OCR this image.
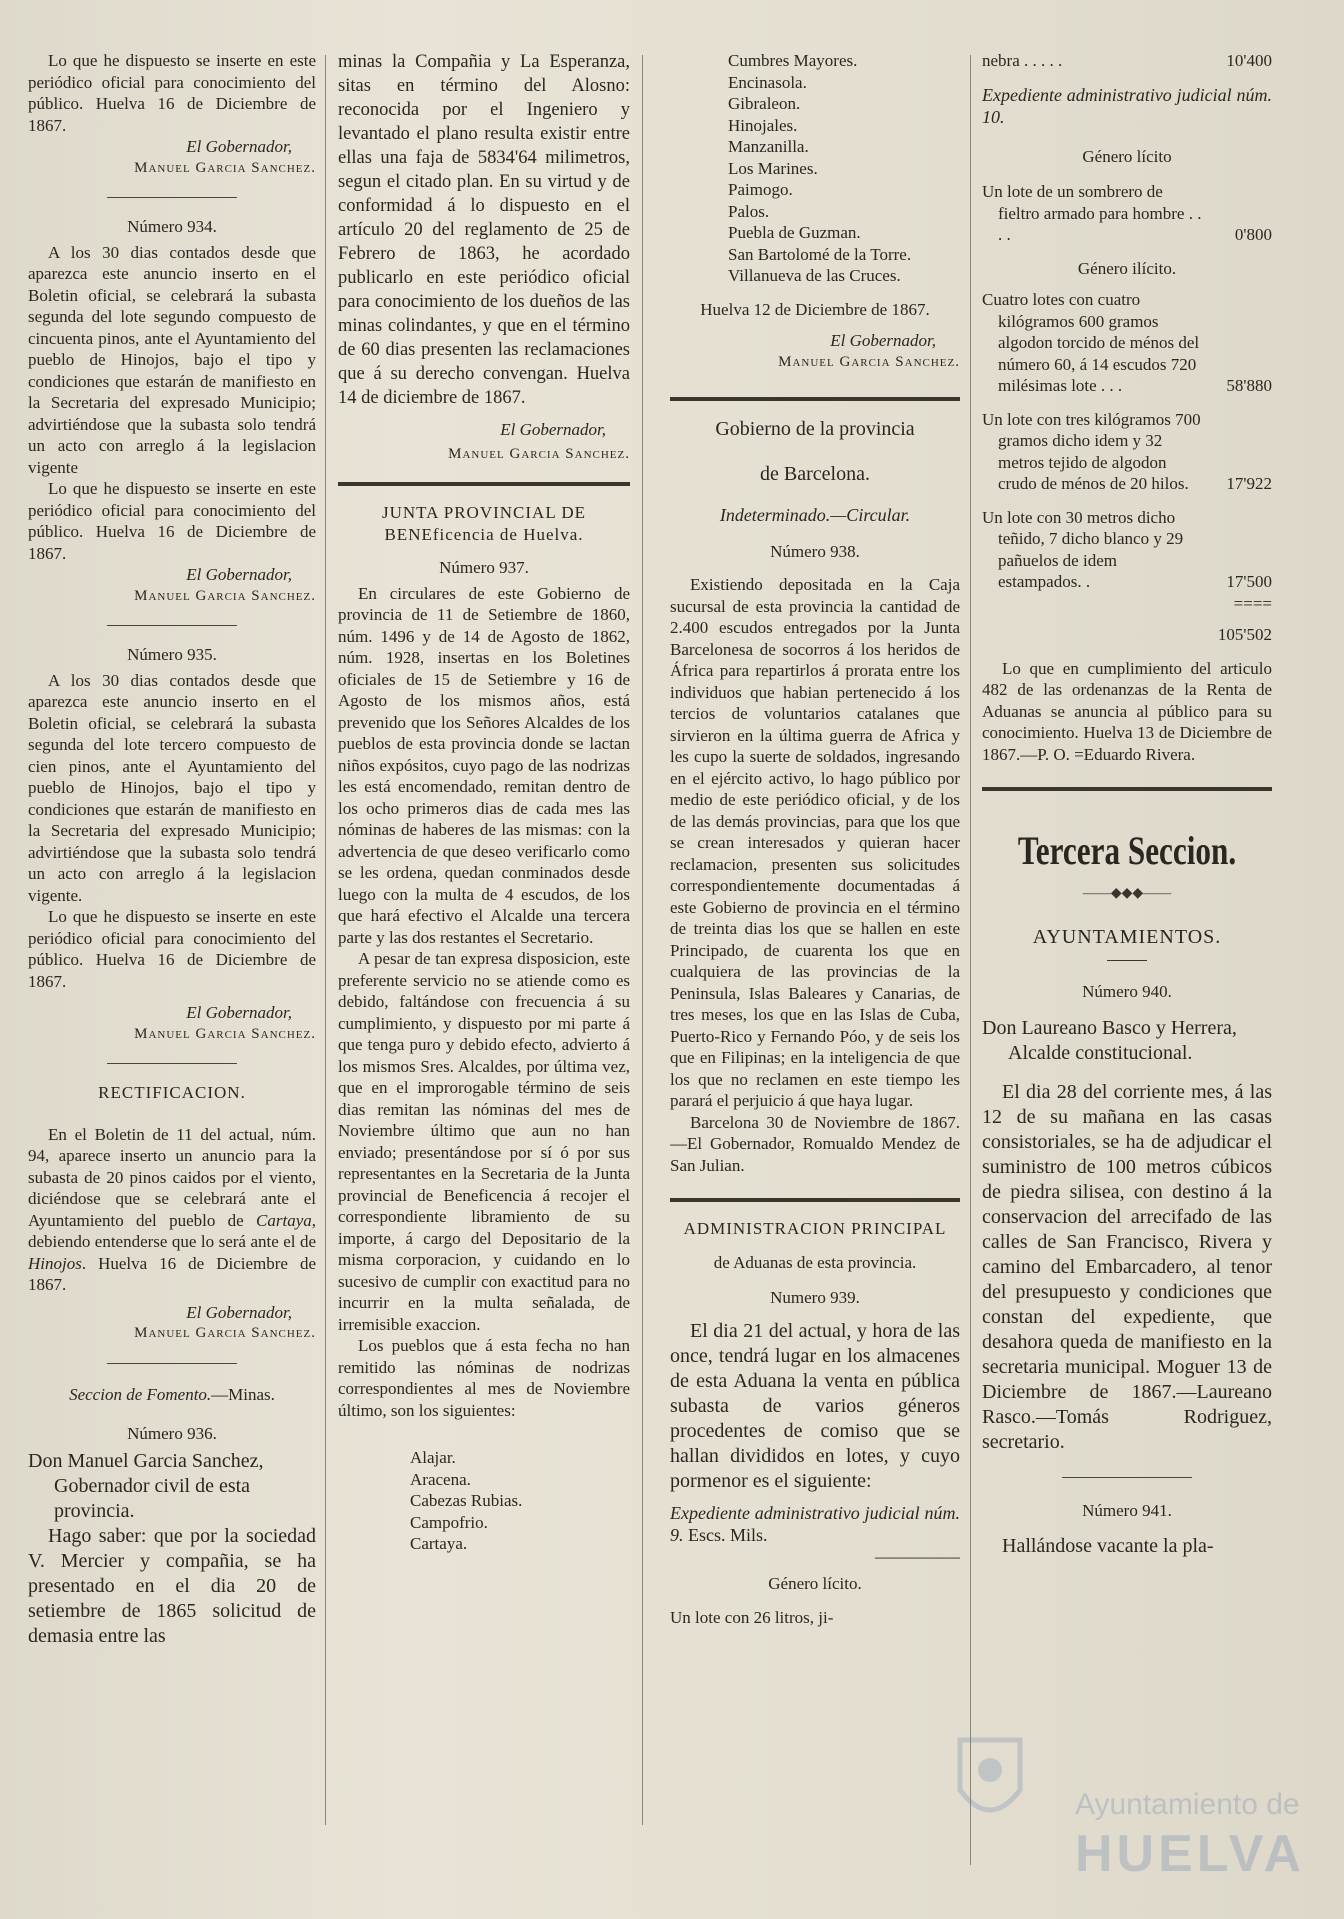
Lo que he dispuesto se inserte en este periódico oficial para conocimiento del público. Huelva 16 de Diciembre de 1867.

El Gobernador,

Manuel Garcia Sanchez.

Número 934.

A los 30 dias contados desde que aparezca este anuncio inserto en el Boletin oficial, se celebrará la subasta segunda del lote segundo compuesto de cincuenta pinos, ante el Ayuntamiento del pueblo de Hinojos, bajo el tipo y condiciones que estarán de manifiesto en la Secretaria del expresado Municipio; advirtiéndose que la subasta solo tendrá un acto con arreglo á la legislacion vigente

Lo que he dispuesto se inserte en este periódico oficial para conocimiento del público. Huelva 16 de Diciembre de 1867.

El Gobernador,

Manuel Garcia Sanchez.

Número 935.

A los 30 dias contados desde que aparezca este anuncio inserto en el Boletin oficial, se celebrará la subasta segunda del lote tercero compuesto de cien pinos, ante el Ayuntamiento del pueblo de Hinojos, bajo el tipo y condiciones que estarán de manifiesto en la Secretaria del expresado Municipio; advirtiéndose que la subasta solo tendrá un acto con arreglo á la legislacion vigente.

Lo que he dispuesto se inserte en este periódico oficial para conocimiento del público. Huelva 16 de Diciembre de 1867.

El Gobernador,

Manuel Garcia Sanchez.

RECTIFICACION.

En el Boletin de 11 del actual, núm. 94, aparece inserto un anuncio para la subasta de 20 pinos caidos por el viento, diciéndose que se celebrará ante el Ayuntamiento del pueblo de Cartaya, debiendo entenderse que lo será ante el de Hinojos. Huelva 16 de Diciembre de 1867.

El Gobernador,

Manuel Garcia Sanchez.

Seccion de Fomento.—Minas.

Número 936.

Don Manuel Garcia Sanchez, Gobernador civil de esta provincia.

Hago saber: que por la sociedad V. Mercier y compañia, se ha presentado en el dia 20 de setiembre de 1865 solicitud de demasia entre las

minas la Compañia y La Esperanza, sitas en término del Alosno: reconocida por el Ingeniero y levantado el plano resulta existir entre ellas una faja de 5834'64 milimetros, segun el citado plan. En su virtud y de conformidad á lo dispuesto en el artículo 20 del reglamento de 25 de Febrero de 1863, he acordado publicarlo en este periódico oficial para conocimiento de los dueños de las minas colindantes, y que en el término de 60 dias presenten las reclamaciones que á su derecho convengan. Huelva 14 de diciembre de 1867.

El Gobernador,

Manuel Garcia Sanchez.

JUNTA PROVINCIAL DE BENEficencia de Huelva.

Número 937.

En circulares de este Gobierno de provincia de 11 de Setiembre de 1860, núm. 1496 y de 14 de Agosto de 1862, núm. 1928, insertas en los Boletines oficiales de 15 de Setiembre y 16 de Agosto de los mismos años, está prevenido que los Señores Alcaldes de los pueblos de esta provincia donde se lactan niños expósitos, cuyo pago de las nodrizas les está encomendado, remitan dentro de los ocho primeros dias de cada mes las nóminas de haberes de las mismas: con la advertencia de que deseo verificarlo como se les ordena, quedan conminados desde luego con la multa de 4 escudos, de los que hará efectivo el Alcalde una tercera parte y las dos restantes el Secretario.

A pesar de tan expresa disposicion, este preferente servicio no se atiende como es debido, faltándose con frecuencia á su cumplimiento, y dispuesto por mi parte á que tenga puro y debido efecto, advierto á los mismos Sres. Alcaldes, por última vez, que en el improrogable término de seis dias remitan las nóminas del mes de Noviembre último que aun no han enviado; presentándose por sí ó por sus representantes en la Secretaria de la Junta provincial de Beneficencia á recojer el correspondiente libramiento de su importe, á cargo del Depositario de la misma corporacion, y cuidando en lo sucesivo de cumplir con exactitud para no incurrir en la multa señalada, de irremisible exaccion.

Los pueblos que á esta fecha no han remitido las nóminas de nodrizas correspondientes al mes de Noviembre último, son los siguientes:

Alajar.

Aracena.

Cabezas Rubias.

Campofrio.

Cartaya.

Cumbres Mayores.

Encinasola.

Gibraleon.

Hinojales.

Manzanilla.

Los Marines.

Paimogo.

Palos.

Puebla de Guzman.

San Bartolomé de la Torre.

Villanueva de las Cruces.

Huelva 12 de Diciembre de 1867.

El Gobernador,

Manuel Garcia Sanchez.

Gobierno de la provincia

de Barcelona.

Indeterminado.—Circular.

Número 938.

Existiendo depositada en la Caja sucursal de esta provincia la cantidad de 2.400 escudos entregados por la Junta Barcelonesa de socorros á los heridos de África para repartirlos á prorata entre los individuos que habian pertenecido á los tercios de voluntarios catalanes que sirvieron en la última guerra de Africa y les cupo la suerte de soldados, ingresando en el ejército activo, lo hago público por medio de este periódico oficial, y de los de las demás provincias, para que los que se crean interesados y quieran hacer reclamacion, presenten sus solicitudes correspondientemente documentadas á este Gobierno de provincia en el término de treinta dias los que se hallen en este Principado, de cuarenta los que en cualquiera de las provincias de la Peninsula, Islas Baleares y Canarias, de tres meses, los que en las Islas de Cuba, Puerto-Rico y Fernando Póo, y de seis los que en Filipinas; en la inteligencia de que los que no reclamen en este tiempo les parará el perjuicio á que haya lugar.

Barcelona 30 de Noviembre de 1867.—El Gobernador, Romualdo Mendez de San Julian.

ADMINISTRACION PRINCIPAL

de Aduanas de esta provincia.

Numero 939.

El dia 21 del actual, y hora de las once, tendrá lugar en los almacenes de esta Aduana la venta en pública subasta de varios géneros procedentes de comiso que se hallan divididos en lotes, y cuyo pormenor es el siguiente:

Expediente administrativo judicial núm. 9. Escs. Mils.

—————

Género lícito.

Un lote con 26 litros, ji-

nebra . . . . .	10'400

Expediente administrativo judicial núm. 10.

Género lícito

Un lote de un sombrero de fieltro armado para hombre . . . .	0'800

Género ilícito.

Cuatro lotes con cuatro kilógramos 600 gramos algodon torcido de ménos del número 60, á 14 escudos 720 milésimas lote . . .	58'880
Un lote con tres kilógramos 700 gramos dicho idem y 32 metros tejido de algodon crudo de ménos de 20 hilos.	17'922
Un lote con 30 metros dicho teñido, 7 dicho blanco y 29 pañuelos de idem estampados. .	17'500

====

105'502

Lo que en cumplimiento del articulo 482 de las ordenanzas de la Renta de Aduanas se anuncia al público para su conocimiento. Huelva 13 de Diciembre de 1867.—P. O. =Eduardo Rivera.

Tercera Seccion.

——◆◆◆——

AYUNTAMIENTOS.

Número 940.

Don Laureano Basco y Herrera, Alcalde constitucional.

El dia 28 del corriente mes, á las 12 de su mañana en las casas consistoriales, se ha de adjudicar el suministro de 100 metros cúbicos de piedra silisea, con destino á la conservacion del arrecifado de las calles de San Francisco, Rivera y camino del Embarcadero, al tenor del presupuesto y condiciones que constan del expediente, que desahora queda de manifiesto en la secretaria municipal. Moguer 13 de Diciembre de 1867.—Laureano Rasco.—Tomás Rodriguez, secretario.

Número 941.

Hallándose vacante la pla-

Ayuntamiento de
HUELVA
